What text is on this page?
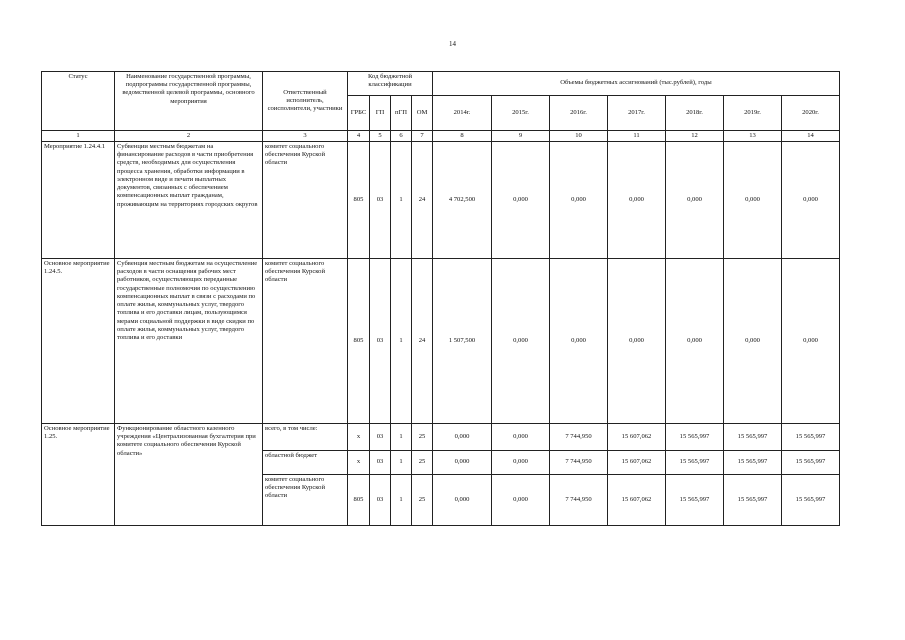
14
Статус	Наименование государственной программы, подпрограммы государственной программы, ведомственной целевой программы, основного мероприятия	Ответственный исполнитель, соисполнители, участники	Код бюджетной классификации				Объемы бюджетных ассигнований (тыс.рублей), годы						
			ГРБС	ГП	пГП	ОМ	2014г.	2015г.	2016г.	2017г.	2018г.	2019г.	2020г.
1	2	3	4	5	6	7	8	9	10	11	12	13	14
Мероприятие 1.24.4.1	Субвенции местным бюджетам на финансирование расходов в части приобретения средств, необходимых для осуществления процесса хранения, обработки информации в электронном виде и печати выплатных документов, связанных с обеспечением компенсационных выплат гражданам, проживающим на территориях городских округов	комитет социального обеспечения Курской области	805	03	1	24	4 702,500	0,000	0,000	0,000	0,000	0,000	0,000
Основное мероприятие 1.24.5.	Субвенция местным бюджетам на осуществление расходов в части оснащения рабочих мест работников, осуществляющих переданные государственные полномочия по осуществлению компенсационных выплат в связи с расходами по оплате жилья, коммунальных услуг, твердого топлива и его доставки лицам, пользующимся мерами социальной поддержки в виде скидки по оплате жилья, коммунальных услуг, твердого топлива и его доставки	комитет социального обеспечения Курской области	805	03	1	24	1 507,500	0,000	0,000	0,000	0,000	0,000	0,000
Основное мероприятие 1.25.	Функционирование областного казенного учреждения «Централизованная бухгалтерия при комитете социального обеспечения Курской области»	всего, в том числе:	х	03	1	25	0,000	0,000	7 744,950	15 607,062	15 565,997	15 565,997	15 565,997
		областной бюджет	х	03	1	25	0,000	0,000	7 744,950	15 607,062	15 565,997	15 565,997	15 565,997
		комитет социального обеспечения Курской области	805	03	1	25	0,000	0,000	7 744,950	15 607,062	15 565,997	15 565,997	15 565,997
